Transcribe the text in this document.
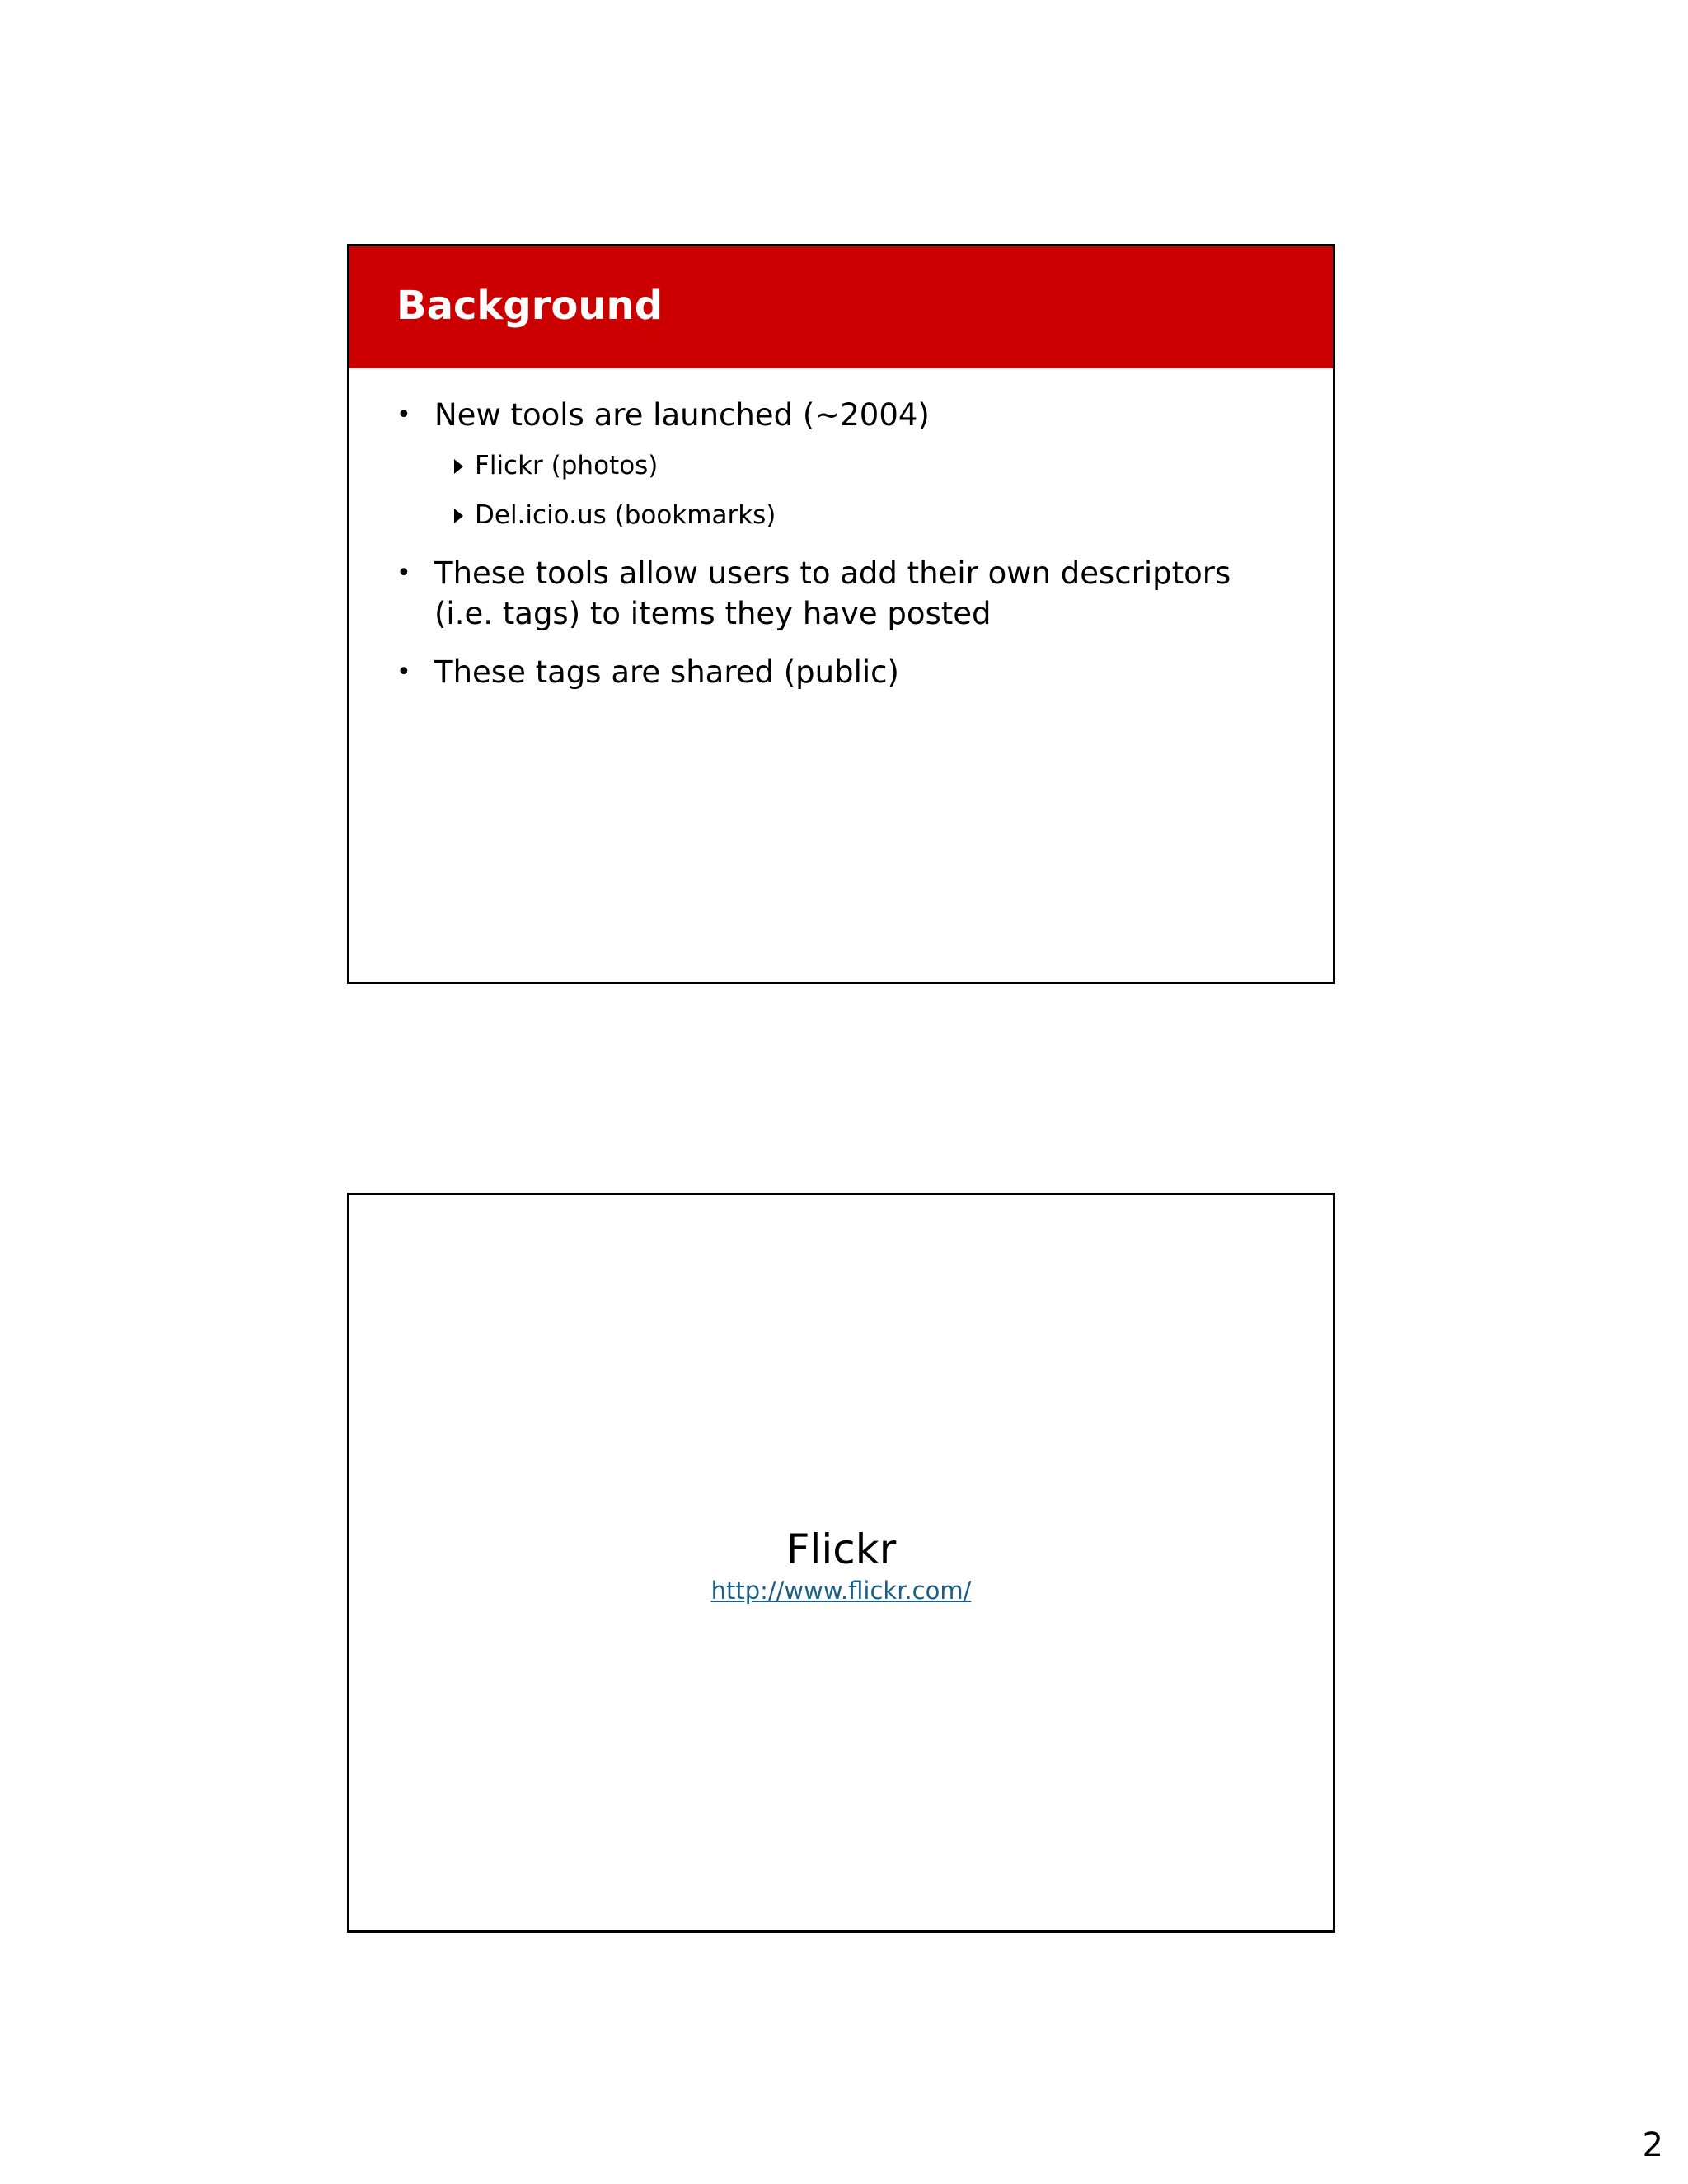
Background
• New tools are launched (~2004)
Flickr (photos)
Del.icio.us (bookmarks)
• These tools allow users to add their own descriptors
(i.e. tags) to items they have posted
• These tags are shared (public)
Flickr
http://www.flickr.com/
2
